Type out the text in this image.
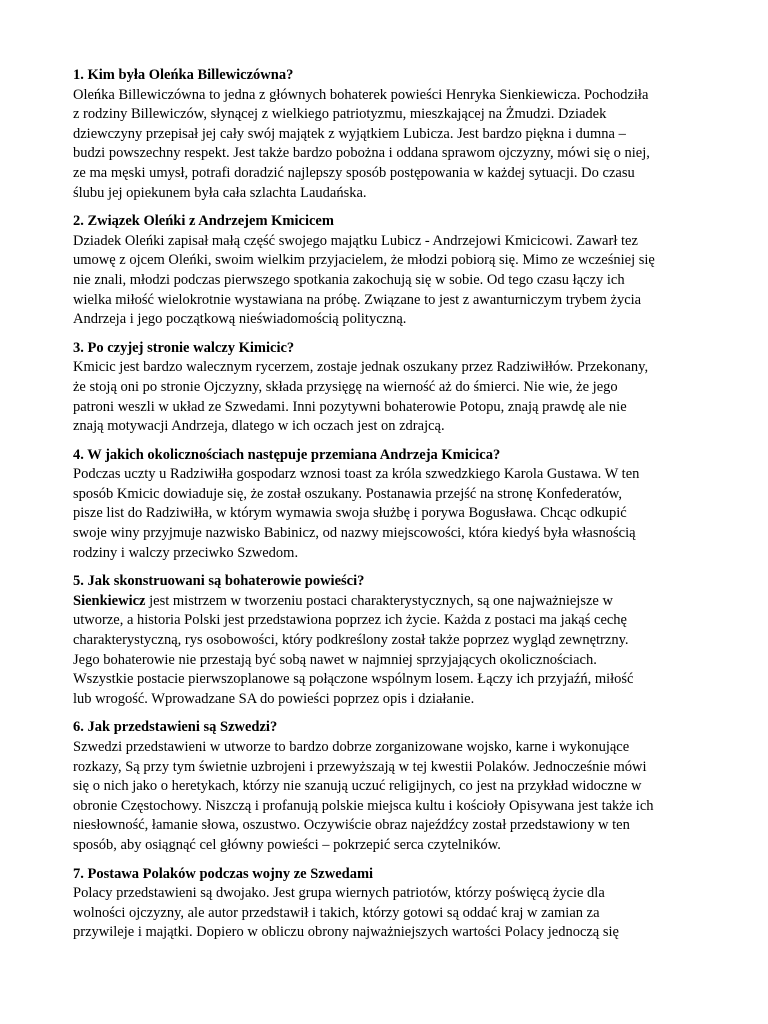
1. Kim była Oleńka Billewiczówna?
Oleńka Billewiczówna to jedna z głównych bohaterek powieści Henryka Sienkiewicza. Pochodziła
z rodziny Billewiczów, słynącej z wielkiego patriotyzmu, mieszkającej na Żmudzi. Dziadek
dziewczyny przepisał jej cały swój majątek z wyjątkiem Lubicza. Jest bardzo piękna i dumna –
budzi powszechny respekt. Jest także bardzo pobożna i oddana sprawom ojczyzny, mówi się o niej,
ze ma męski umysł, potrafi doradzić najlepszy sposób postępowania w każdej sytuacji. Do czasu
ślubu jej opiekunem była cała szlachta Laudańska.
2. Związek Oleńki z Andrzejem Kmicicem
Dziadek Oleńki zapisał małą część swojego majątku Lubicz - Andrzejowi Kmicicowi. Zawarł tez
umowę z ojcem Oleńki, swoim wielkim przyjacielem, że młodzi pobiorą się. Mimo ze wcześniej się
nie znali, młodzi podczas pierwszego spotkania zakochują się w sobie. Od tego czasu łączy ich
wielka miłość wielokrotnie wystawiana na próbę. Związane to jest z awanturniczym trybem życia
Andrzeja i jego początkową nieświadomością polityczną.
3. Po czyjej stronie walczy Kimicic?
Kmicic jest bardzo walecznym rycerzem, zostaje jednak oszukany przez Radziwiłłów. Przekonany,
że stoją oni po stronie Ojczyzny, składa przysięgę na wierność aż do śmierci. Nie wie, że jego
patroni weszli w układ ze Szwedami. Inni pozytywni bohaterowie Potopu, znają prawdę ale nie
znają motywacji Andrzeja, dlatego w ich oczach jest on zdrajcą.
4. W jakich okolicznościach następuje przemiana Andrzeja Kmicica?
Podczas uczty u Radziwiłła gospodarz wznosi toast za króla szwedzkiego Karola Gustawa. W ten
sposób Kmicic dowiaduje się, że został oszukany. Postanawia przejść na stronę Konfederatów,
pisze list do Radziwiłła, w którym wymawia swoja służbę i porywa Bogusława. Chcąc odkupić
swoje winy przyjmuje nazwisko Babinicz, od nazwy miejscowości, która kiedyś była własnością
rodziny i walczy przeciwko Szwedom.
5. Jak skonstruowani są bohaterowie powieści?
Sienkiewicz jest mistrzem w tworzeniu postaci charakterystycznych, są one najważniejsze w
utworze, a historia Polski jest przedstawiona poprzez ich życie. Każda z postaci ma jakąś cechę
charakterystyczną, rys osobowości, który podkreślony został także poprzez wygląd zewnętrzny.
Jego bohaterowie nie przestają być sobą nawet w najmniej sprzyjających okolicznościach.
Wszystkie postacie pierwszoplanowe są połączone wspólnym losem. Łączy ich przyjaźń, miłość
lub wrogość. Wprowadzane SA do powieści poprzez opis i działanie.
6. Jak przedstawieni są Szwedzi?
Szwedzi przedstawieni w utworze to bardzo dobrze zorganizowane wojsko, karne i wykonujące
rozkazy, Są przy tym świetnie uzbrojeni i przewyższają w tej kwestii Polaków. Jednocześnie mówi
się o nich jako o heretykach, którzy nie szanują uczuć religijnych, co jest na przykład widoczne w
obronie Częstochowy. Niszczą i profanują polskie miejsca kultu i kościoły Opisywana jest także ich
niesłowność, łamanie słowa, oszustwo. Oczywiście obraz najeźdźcy został przedstawiony w ten
sposób, aby osiągnąć cel główny powieści – pokrzepić serca czytelników.
7. Postawa Polaków podczas wojny ze Szwedami
Polacy przedstawieni są dwojako. Jest grupa wiernych patriotów, którzy poświęcą życie dla
wolności ojczyzny, ale autor przedstawił i takich, którzy gotowi są oddać kraj w zamian za
przywileje i majątki. Dopiero w obliczu obrony najważniejszych wartości Polacy jednoczą się
